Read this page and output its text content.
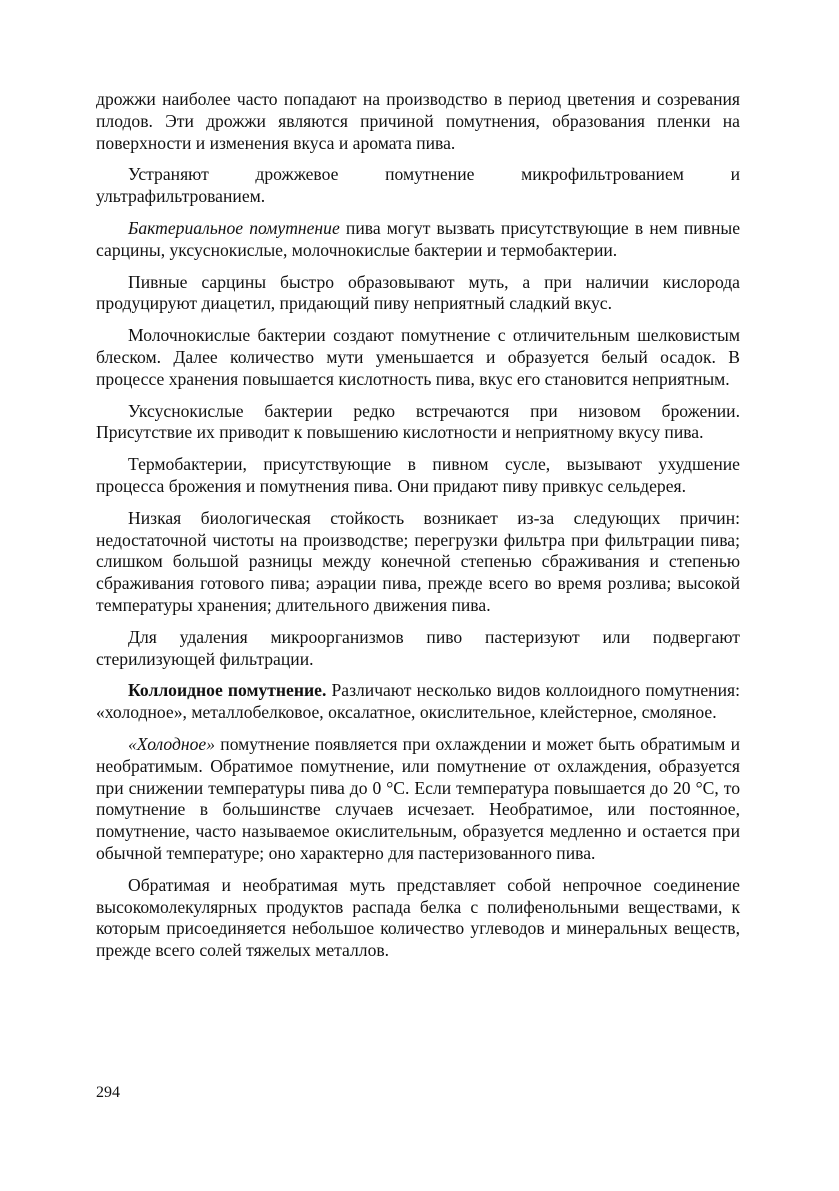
дрожжи наиболее часто попадают на производство в период цветения и созревания плодов. Эти дрожжи являются причиной помутнения, образования пленки на поверхности и изменения вкуса и аромата пива.

Устраняют дрожжевое помутнение микрофильтрованием и ультрафильтрованием.

Бактериальное помутнение пива могут вызвать присутствующие в нем пивные сарцины, уксуснокислые, молочнокислые бактерии и термобактерии.

Пивные сарцины быстро образовывают муть, а при наличии кислорода продуцируют диацетил, придающий пиву неприятный сладкий вкус.

Молочнокислые бактерии создают помутнение с отличительным шелковистым блеском. Далее количество мути уменьшается и образуется белый осадок. В процессе хранения повышается кислотность пива, вкус его становится неприятным.

Уксуснокислые бактерии редко встречаются при низовом брожении. Присутствие их приводит к повышению кислотности и неприятному вкусу пива.

Термобактерии, присутствующие в пивном сусле, вызывают ухудшение процесса брожения и помутнения пива. Они придают пиву привкус сельдерея.

Низкая биологическая стойкость возникает из-за следующих причин: недостаточной чистоты на производстве; перегрузки фильтра при фильтрации пива; слишком большой разницы между конечной степенью сбраживания и степенью сбраживания готового пива; аэрации пива, прежде всего во время розлива; высокой температуры хранения; длительного движения пива.

Для удаления микроорганизмов пиво пастеризуют или подвергают стерилизующей фильтрации.

Коллоидное помутнение. Различают несколько видов коллоидного помутнения: «холодное», металлобелковое, оксалатное, окислительное, клейстерное, смоляное.

«Холодное» помутнение появляется при охлаждении и может быть обратимым и необратимым. Обратимое помутнение, или помутнение от охлаждения, образуется при снижении температуры пива до 0 °С. Если температура повышается до 20 °С, то помутнение в большинстве случаев исчезает. Необратимое, или постоянное, помутнение, часто называемое окислительным, образуется медленно и остается при обычной температуре; оно характерно для пастеризованного пива.

Обратимая и необратимая муть представляет собой непрочное соединение высокомолекулярных продуктов распада белка с полифенольными веществами, к которым присоединяется небольшое количество углеводов и минеральных веществ, прежде всего солей тяжелых металлов.

294
